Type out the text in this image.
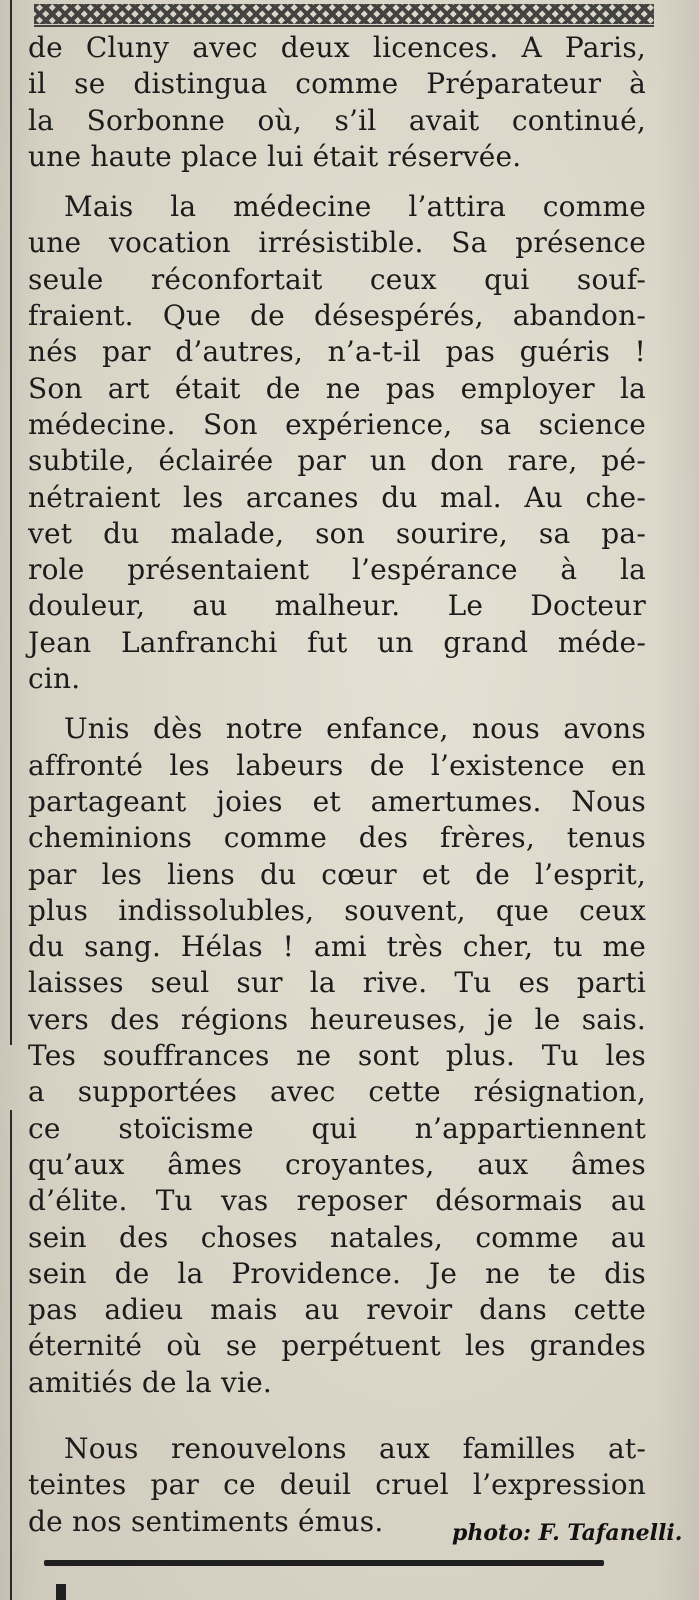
de Cluny avec deux licences. A Paris,
il se distingua comme Préparateur à
la Sorbonne où, s’il avait continué,
une haute place lui était réservée.

Mais la médecine l’attira comme
une vocation irrésistible. Sa présence
seule réconfortait ceux qui souf-
fraient. Que de désespérés, abandon-
nés par d’autres, n’a-t-il pas guéris !
Son art était de ne pas employer la
médecine. Son expérience, sa science
subtile, éclairée par un don rare, pé-
nétraient les arcanes du mal. Au che-
vet du malade, son sourire, sa pa-
role présentaient l’espérance à la
douleur, au malheur. Le Docteur
Jean Lanfranchi fut un grand méde-
cin.

Unis dès notre enfance, nous avons
affronté les labeurs de l’existence en
partageant joies et amertumes. Nous
cheminions comme des frères, tenus
par les liens du cœur et de l’esprit,
plus indissolubles, souvent, que ceux
du sang. Hélas ! ami très cher, tu me
laisses seul sur la rive. Tu es parti
vers des régions heureuses, je le sais.
Tes souffrances ne sont plus. Tu les
a supportées avec cette résignation,
ce stoïcisme qui n’appartiennent
qu’aux âmes croyantes, aux âmes
d’élite. Tu vas reposer désormais au
sein des choses natales, comme au
sein de la Providence. Je ne te dis
pas adieu mais au revoir dans cette
éternité où se perpétuent les grandes
amitiés de la vie.

Nous renouvelons aux familles at-
teintes par ce deuil cruel l’expression
de nos sentiments émus.	photo: F. Tafanelli.
